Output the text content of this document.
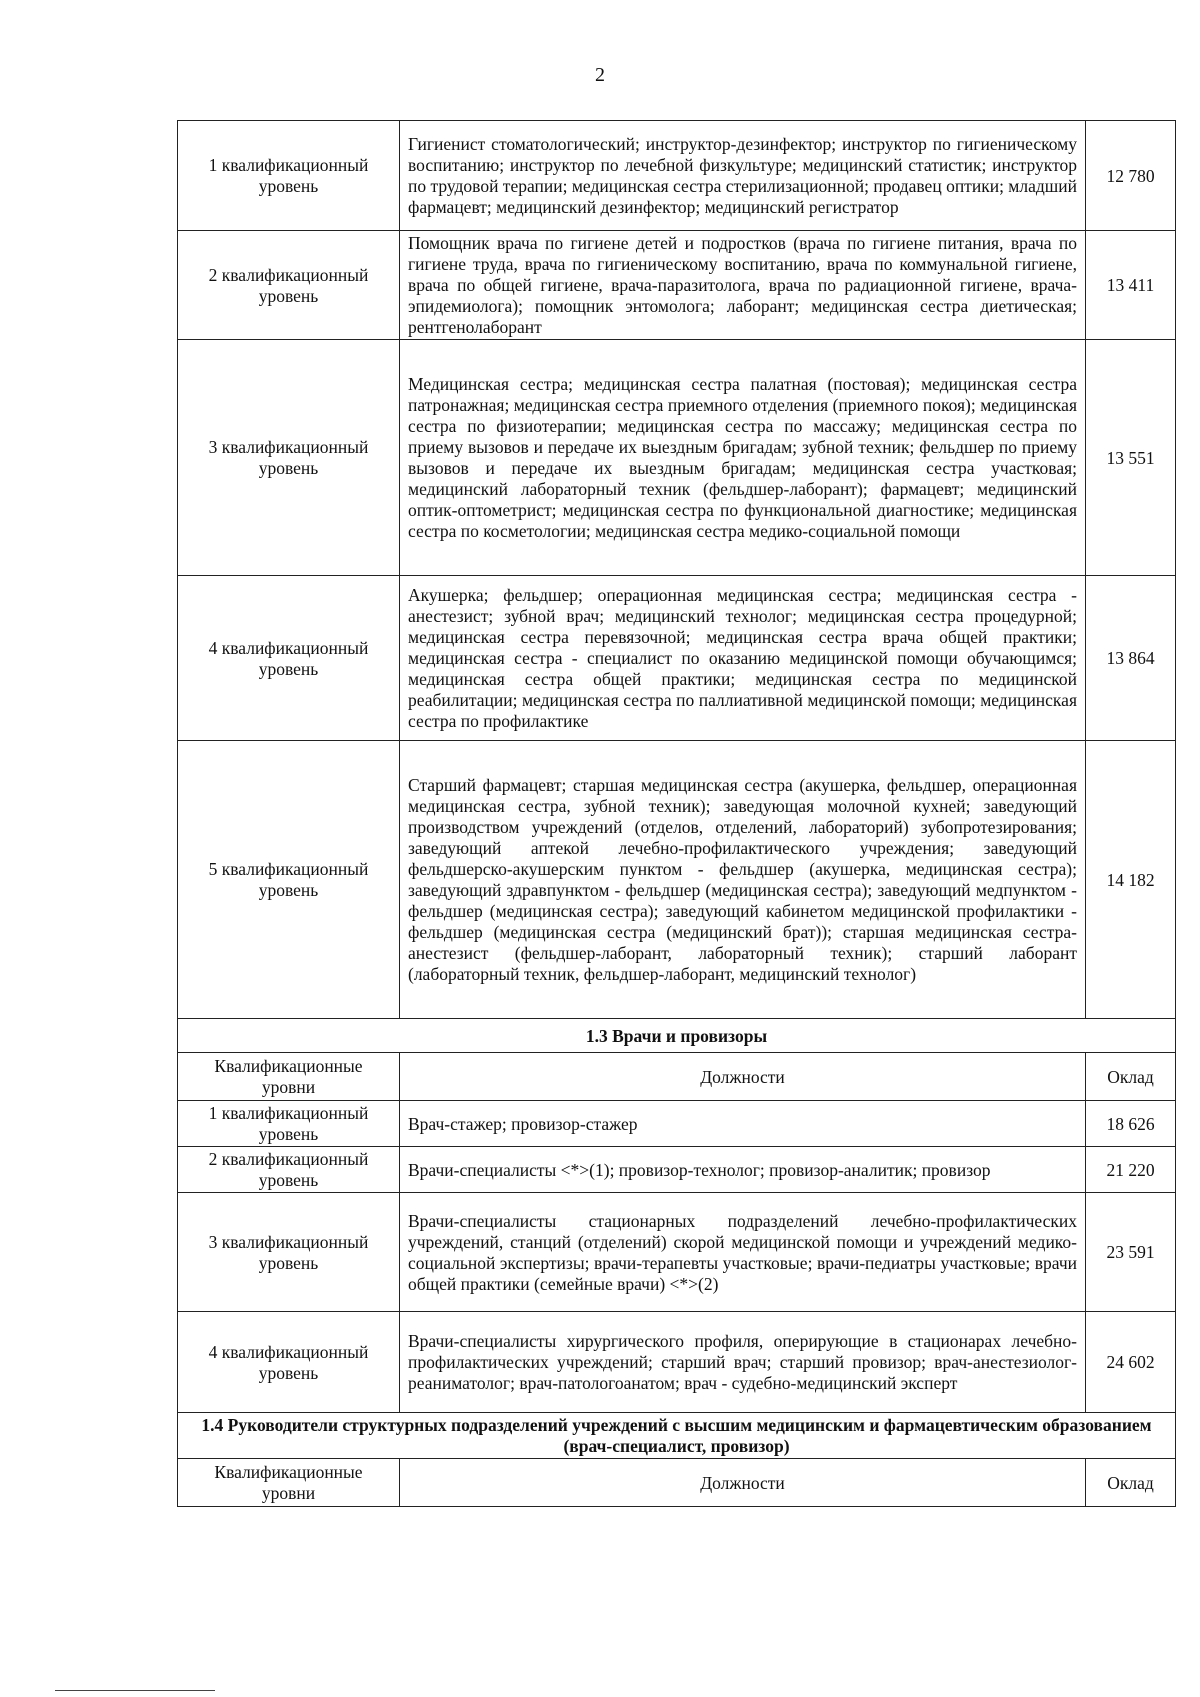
2
1 квалификационный уровень	Гигиенист стоматологический; инструктор-дезинфектор; инструктор по гигиеническому воспитанию; инструктор по лечебной физкультуре; медицинский статистик; инструктор по трудовой терапии; медицинская сестра стерилизационной; продавец оптики; младший фармацевт; медицинский дезинфектор; медицинский регистратор	12 780
2 квалификационный уровень	Помощник врача по гигиене детей и подростков (врача по гигиене питания, врача по гигиене труда, врача по гигиеническому воспитанию, врача по коммунальной гигиене, врача по общей гигиене, врача-паразитолога, врача по радиационной гигиене, врача-эпидемиолога); помощник энтомолога; лаборант; медицинская сестра диетическая; рентгенолаборант	13 411
3 квалификационный уровень	Медицинская сестра; медицинская сестра палатная (постовая); медицинская сестра патронажная; медицинская сестра приемного отделения (приемного покоя); медицинская сестра по физиотерапии; медицинская сестра по массажу; медицинская сестра по приему вызовов и передаче их выездным бригадам; зубной техник; фельдшер по приему вызовов и передаче их выездным бригадам; медицинская сестра участковая; медицинский лабораторный техник (фельдшер-лаборант); фармацевт; медицинский оптик-оптометрист; медицинская сестра по функциональной диагностике; медицинская сестра по косметологии; медицинская сестра медико-социальной помощи	13 551
4 квалификационный уровень	Акушерка; фельдшер; операционная медицинская сестра; медицинская сестра - анестезист; зубной врач; медицинский технолог; медицинская сестра процедурной; медицинская сестра перевязочной; медицинская сестра врача общей практики; медицинская сестра - специалист по оказанию медицинской помощи обучающимся; медицинская сестра общей практики; медицинская сестра по медицинской реабилитации; медицинская сестра по паллиативной медицинской помощи; медицинская сестра по профилактике	13 864
5 квалификационный уровень	Старший фармацевт; старшая медицинская сестра (акушерка, фельдшер, операционная медицинская сестра, зубной техник); заведующая молочной кухней; заведующий производством учреждений (отделов, отделений, лабораторий) зубопротезирования; заведующий аптекой лечебно-профилактического учреждения; заведующий фельдшерско-акушерским пунктом - фельдшер (акушерка, медицинская сестра); заведующий здравпунктом - фельдшер (медицинская сестра); заведующий медпунктом - фельдшер (медицинская сестра); заведующий кабинетом медицинской профилактики - фельдшер (медицинская сестра (медицинский брат)); старшая медицинская сестра-анестезист (фельдшер-лаборант, лабораторный техник); старший лаборант (лабораторный техник, фельдшер-лаборант, медицинский технолог)	14 182
1.3 Врачи и провизоры		
Квалификационные уровни	Должности	Оклад
1 квалификационный уровень	Врач-стажер; провизор-стажер	18 626
2 квалификационный уровень	Врачи-специалисты <*>(1); провизор-технолог; провизор-аналитик; провизор	21 220
3 квалификационный уровень	Врачи-специалисты стационарных подразделений лечебно-профилактических учреждений, станций (отделений) скорой медицинской помощи и учреждений медико-социальной экспертизы; врачи-терапевты участковые; врачи-педиатры участковые; врачи общей практики (семейные врачи) <*>(2)	23 591
4 квалификационный уровень	Врачи-специалисты хирургического профиля, оперирующие в стационарах лечебно-профилактических учреждений; старший врач; старший провизор; врач-анестезиолог-реаниматолог; врач-патологоанатом; врач - судебно-медицинский эксперт	24 602
1.4 Руководители структурных подразделений учреждений с высшим медицинским и фармацевтическим образованием (врач-специалист, провизор)		
Квалификационные уровни	Должности	Оклад
